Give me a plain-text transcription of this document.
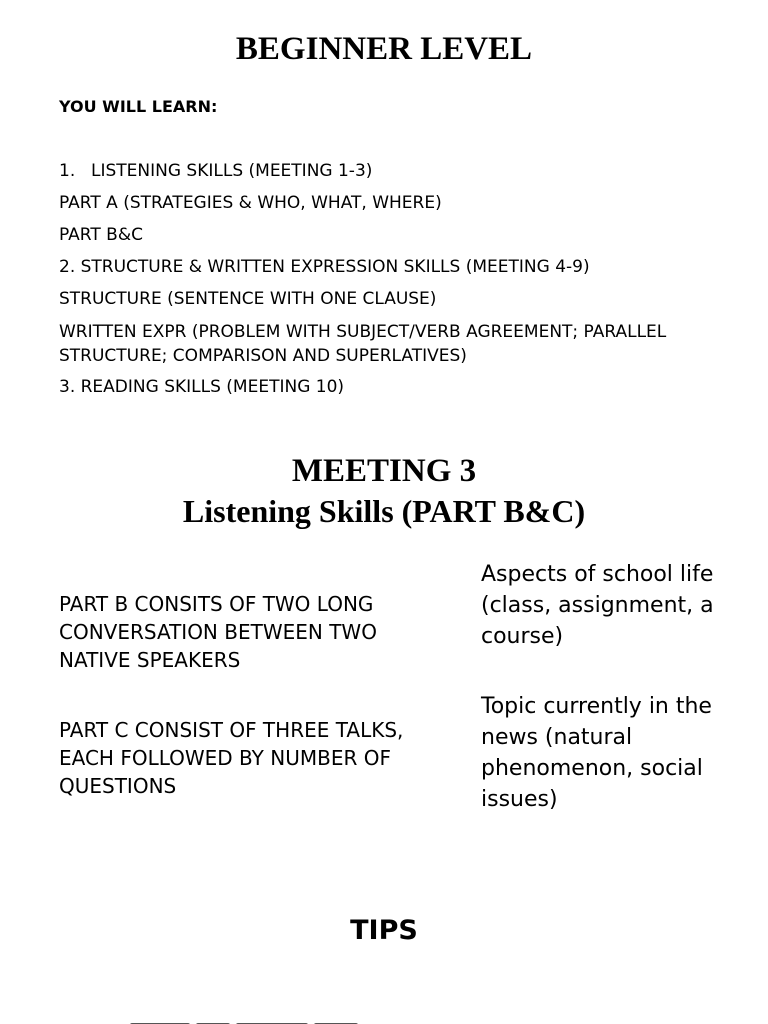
BEGINNER LEVEL
YOU WILL LEARN:
1. LISTENING SKILLS (MEETING 1-3)
PART A (STRATEGIES & WHO, WHAT, WHERE)
PART B&C
2. STRUCTURE & WRITTEN EXPRESSION SKILLS (MEETING 4-9)
STRUCTURE (SENTENCE WITH ONE CLAUSE)
WRITTEN EXPR (PROBLEM WITH SUBJECT/VERB AGREEMENT; PARALLEL STRUCTURE; COMPARISON AND SUPERLATIVES)
3. READING SKILLS (MEETING 10)
MEETING 3
Listening Skills (PART B&C)

PART B CONSITS OF TWO LONG CONVERSATION BETWEEN TWO NATIVE SPEAKERS

PART C CONSIST OF THREE TALKS, EACH FOLLOWED BY NUMBER OF QUESTIONS

Aspects of school life (class, assignment, a course)

Topic currently in the news (natural phenomenon, social issues)

TIPS
